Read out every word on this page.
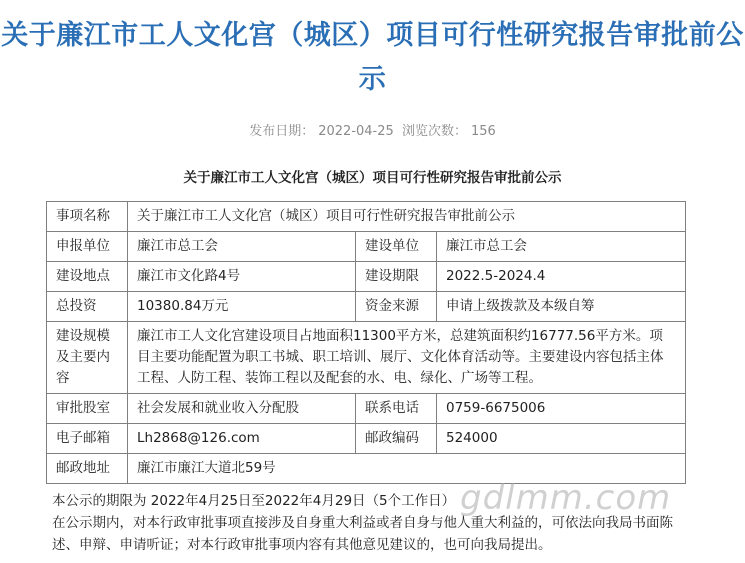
关于廉江市工人文化宫（城区）项目可行性研究报告审批前公示
发布日期： 2022-04-25 浏览次数： 156
关于廉江市工人文化宫（城区）项目可行性研究报告审批前公示
事项名称	关于廉江市工人文化宫（城区）项目可行性研究报告审批前公示		
申报单位	廉江市总工会	建设单位	廉江市总工会
建设地点	廉江市文化路4号	建设期限	2022.5-2024.4
总投资	10380.84万元	资金来源	申请上级拨款及本级自筹
建设规模及主要内容	廉江市工人文化宫建设项目占地面积11300平方米，总建筑面积约16777.56平方米。项目主要功能配置为职工书城、职工培训、展厅、文化体育活动等。主要建设内容包括主体工程、人防工程、装饰工程以及配套的水、电、绿化、广场等工程。		
审批股室	社会发展和就业收入分配股	联系电话	0759-6675006
电子邮箱	Lh2868@126.com	邮政编码	524000
邮政地址	廉江市廉江大道北59号		
本公示的期限为 2022年4月25日至2022年4月29日（5个工作日）
在公示期内，对本行政审批事项直接涉及自身重大利益或者自身与他人重大利益的，可依法向我局书面陈述、申辩、申请听证；对本行政审批事项内容有其他意见建议的，也可向我局提出。
gdlmm.com
